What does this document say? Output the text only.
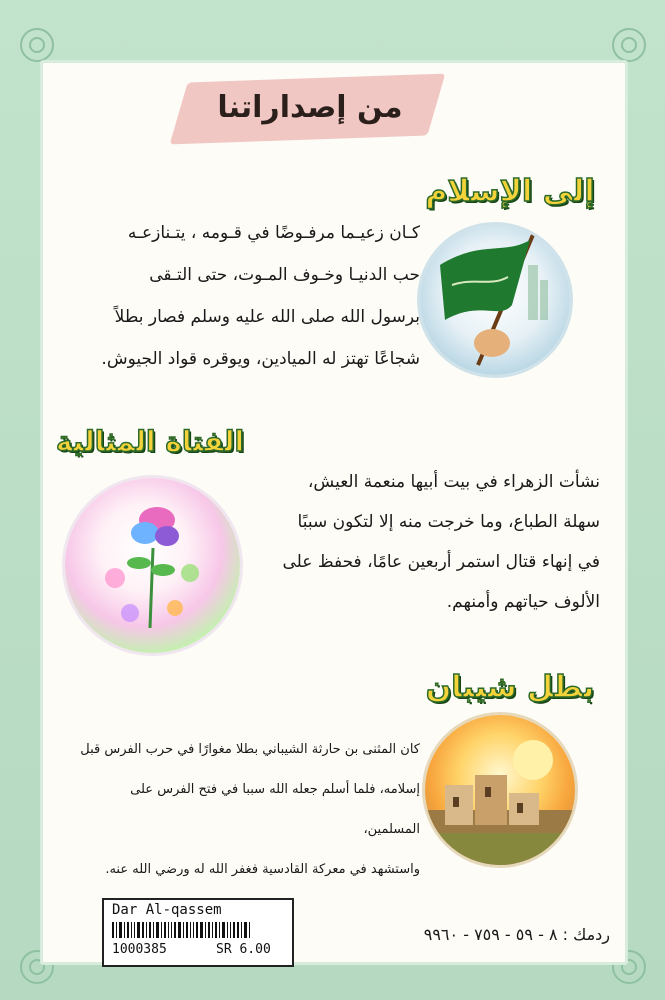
من إصداراتنا
إلى الإسلام
كـان زعيـما مرفـوضًا في قـومه ، يتـنازعـه
حب الدنيـا وخـوف المـوت، حتى التـقى
برسول الله صلى الله عليه وسلم فصار بطلاً
شجاعًا تهتز له الميادين، ويوقره قواد الجيوش.
الفتاة المثالية
نشأت الزهراء في بيت أبيها منعمة العيش،
سهلة الطباع، وما خرجت منه إلا لتكون سببًا
في إنهاء قتال استمر أربعين عامًا، فحفظ على
الألوف حياتهم وأمنهم.
بطل شيبان
كان المثنى بن حارثة الشيباني بطلا مغوارًا في حرب الفرس قبل
إسلامه، فلما أسلم جعله الله سببا في فتح الفرس على المسلمين،
واستشهد في معركة القادسية فغفر الله له ورضي الله عنه.
Dar Al-qassem
1000385	SR 6.00
ردمك : ٨ - ٥٩ - ٧٥٩ - ٩٩٦٠
